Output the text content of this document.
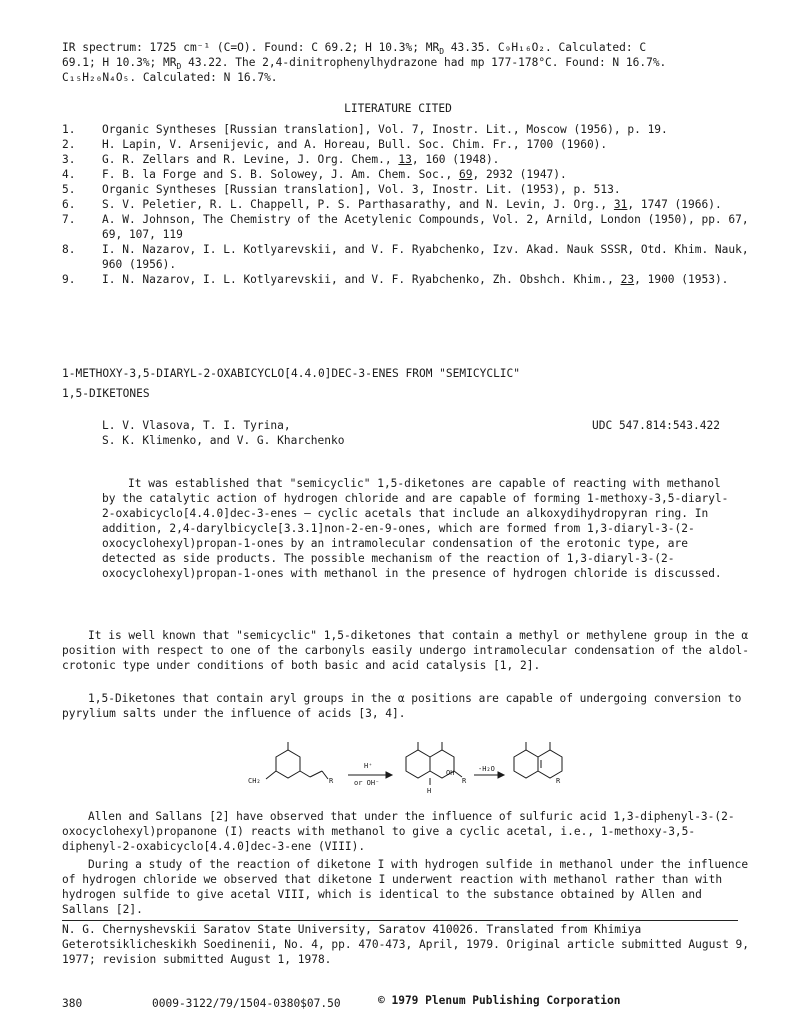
IR spectrum: 1725 cm⁻¹ (C=O). Found: C 69.2; H 10.3%; $MR_D$ 43.35. C₉H₁₆O₂. Calculated: C

69.1; H 10.3%; $MR_D$ 43.22. The 2,4-dinitrophenylhydrazone had mp 177-178°C. Found: N 16.7%.

C₁₅H₂₀N₄O₅. Calculated: N 16.7%.

LITERATURE CITED
1.	Organic Syntheses [Russian translation], Vol. 7, Inostr. Lit., Moscow (1956), p. 19.
2.	H. Lapin, V. Arsenijevic, and A. Horeau, Bull. Soc. Chim. Fr., 1700 (1960).
3.	G. R. Zellars and R. Levine, J. Org. Chem., 13, 160 (1948).
4.	F. B. la Forge and S. B. Solowey, J. Am. Chem. Soc., 69, 2932 (1947).
5.	Organic Syntheses [Russian translation], Vol. 3, Inostr. Lit. (1953), p. 513.
6.	S. V. Peletier, R. L. Chappell, P. S. Parthasarathy, and N. Levin, J. Org., 31, 1747 (1966).
7.	A. W. Johnson, The Chemistry of the Acetylenic Compounds, Vol. 2, Arnild, London (1950), pp. 67, 69, 107, 119
8.	I. N. Nazarov, I. L. Kotlyarevskii, and V. F. Ryabchenko, Izv. Akad. Nauk SSSR, Otd. Khim. Nauk, 960 (1956).
9.	I. N. Nazarov, I. L. Kotlyarevskii, and V. F. Ryabchenko, Zh. Obshch. Khim., 23, 1900 (1953).
1-METHOXY-3,5-DIARYL-2-OXABICYCLO[4.4.0]DEC-3-ENES FROM "SEMICYCLIC"
1,5-DIKETONES

L. V. Vlasova, T. I. Tyrina,

S. K. Klimenko, and V. G. Kharchenko

UDC 547.814:543.422

It was established that "semicyclic" 1,5-diketones are capable of reacting with methanol by the catalytic action of hydrogen chloride and are capable of forming 1-methoxy-3,5-diaryl-2-oxabicyclo[4.4.0]dec-3-enes — cyclic acetals that include an alkoxydihydropyran ring. In addition, 2,4-darylbicycle[3.3.1]non-2-en-9-ones, which are formed from 1,3-diaryl-3-(2-oxocyclohexyl)propan-1-ones by an intramolecular condensation of the erotonic type, are detected as side products. The possible mechanism of the reaction of 1,3-diaryl-3-(2-oxocyclohexyl)propan-1-ones with methanol in the presence of hydrogen chloride is discussed.

It is well known that "semicyclic" 1,5-diketones that contain a methyl or methylene group in the α position with respect to one of the carbonyls easily undergo intramolecular condensation of the aldol-crotonic type under conditions of both basic and acid catalysis [1, 2].

1,5-Diketones that contain aryl groups in the α positions are capable of undergoing conversion to pyrylium salts under the influence of acids [3, 4].

CH₂	R
H⁺
or OH⁻
OH
R
H
-H₂O
R

Allen and Sallans [2] have observed that under the influence of sulfuric acid 1,3-diphenyl-3-(2-oxocyclohexyl)propanone (I) reacts with methanol to give a cyclic acetal, i.e., 1-methoxy-3,5-diphenyl-2-oxabicyclo[4.4.0]dec-3-ene (VIII).

During a study of the reaction of diketone I with hydrogen sulfide in methanol under the influence of hydrogen chloride we observed that diketone I underwent reaction with methanol rather than with hydrogen sulfide to give acetal VIII, which is identical to the substance obtained by Allen and Sallans [2].

N. G. Chernyshevskii Saratov State University, Saratov 410026. Translated from Khimiya Geterotsiklicheskikh Soedinenii, No. 4, pp. 470-473, April, 1979. Original article submitted August 9, 1977; revision submitted August 1, 1978.

380	0009-3122/79/1504-0380$07.50	© 1979 Plenum Publishing Corporation
